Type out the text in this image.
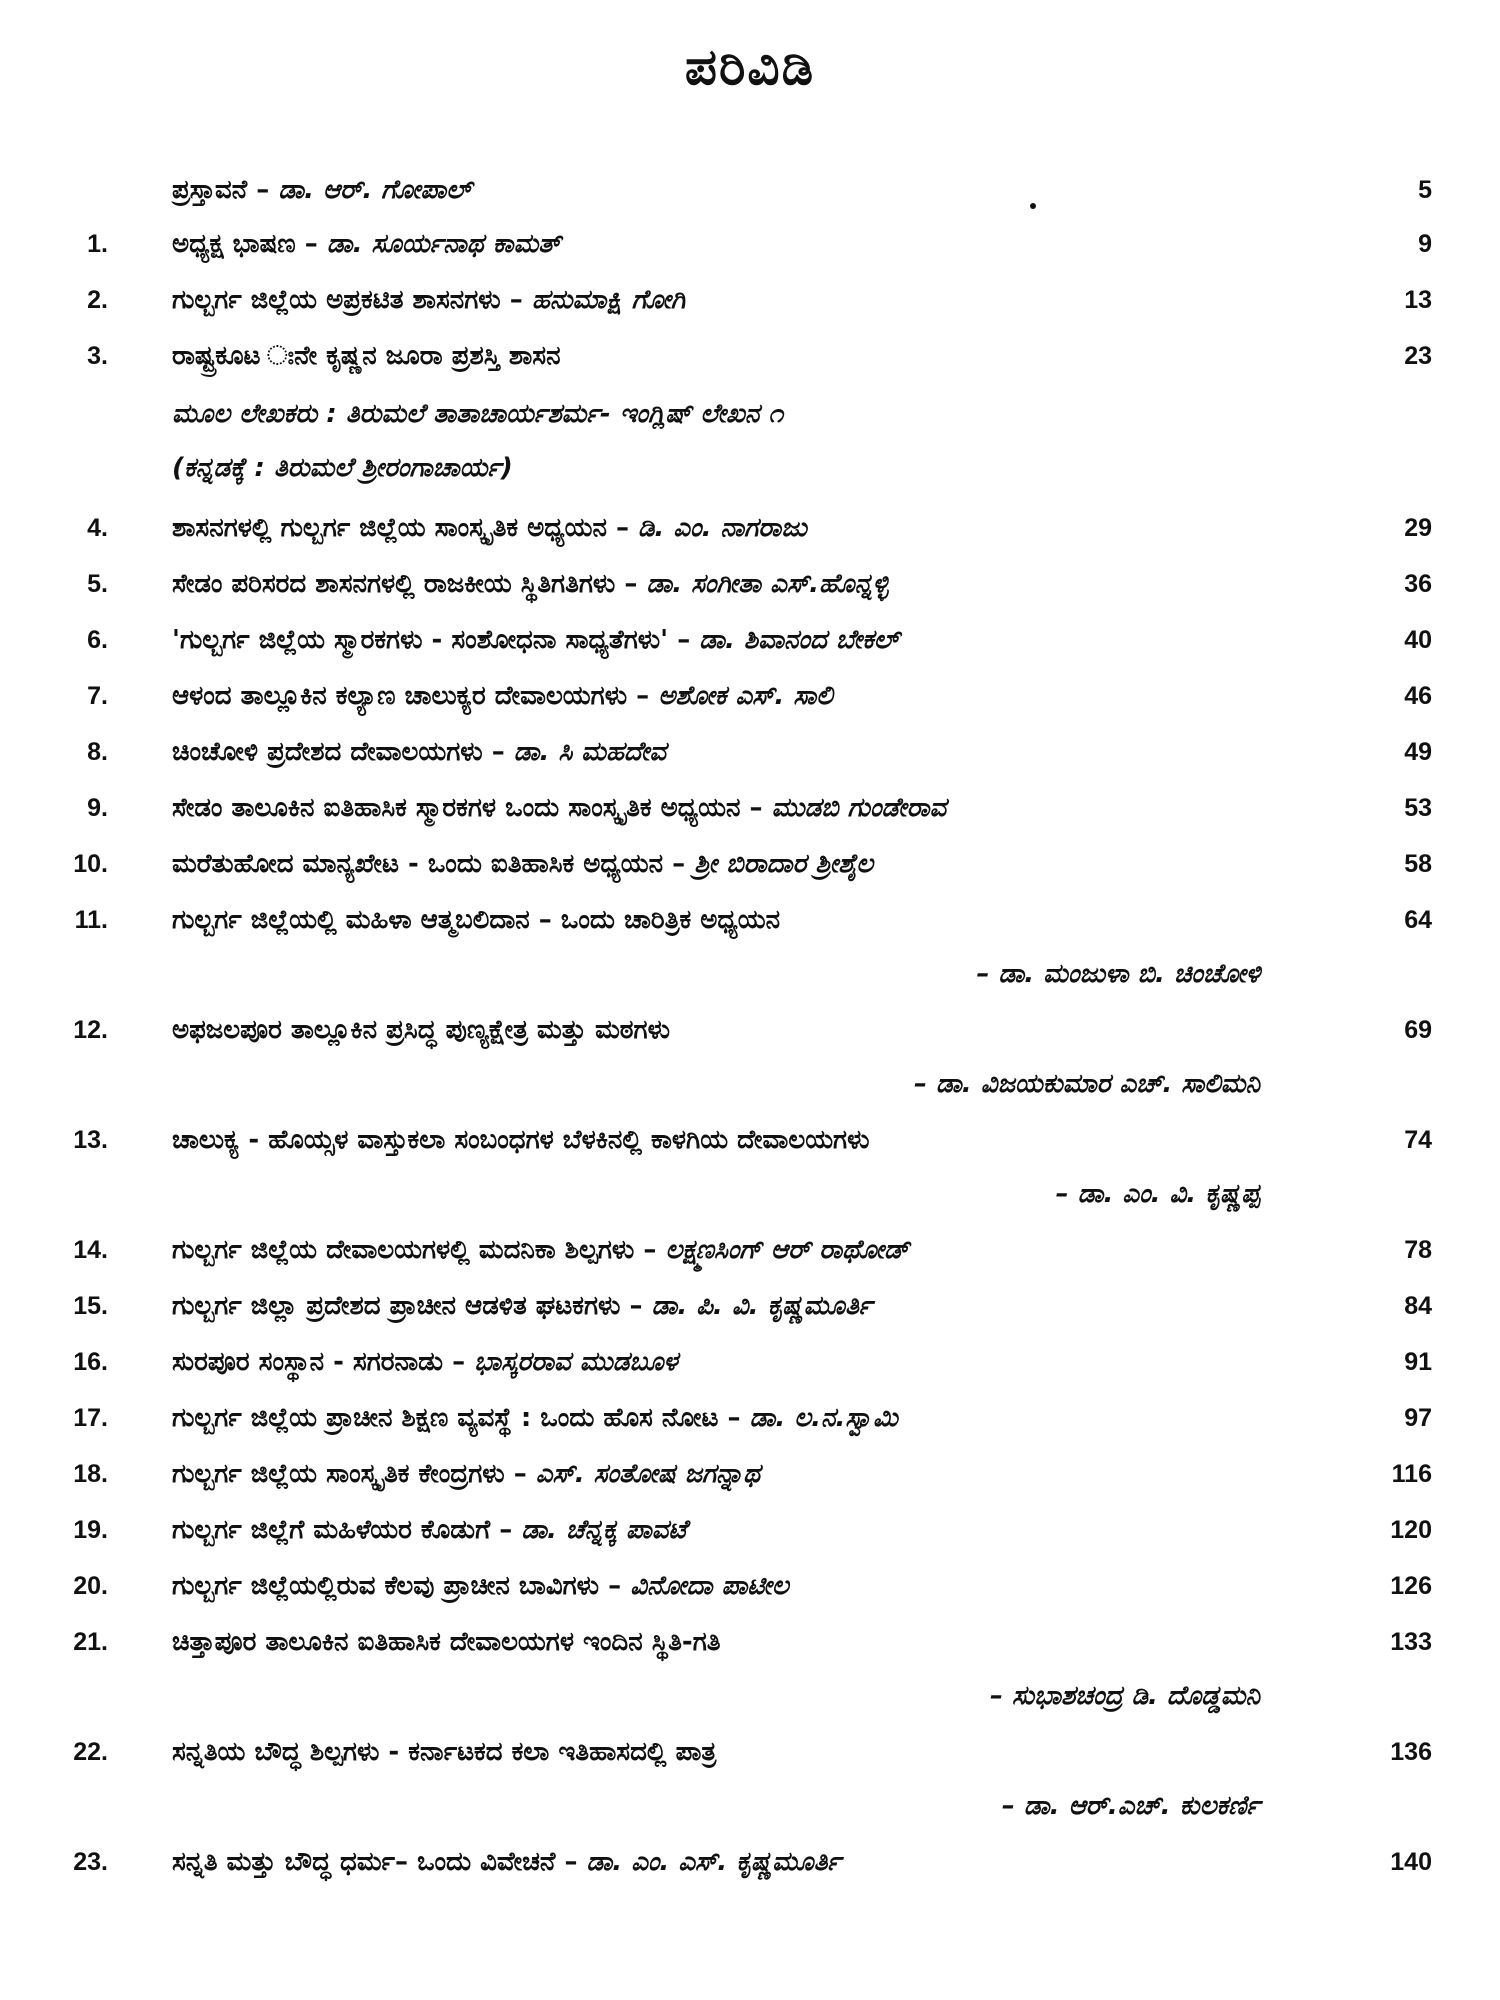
ಪರಿವಿಡಿ
ಪ್ರಸ್ತಾವನೆ – ಡಾ. ಆರ್. ಗೋಪಾಲ್	5
1. ಅಧ್ಯಕ್ಷ ಭಾಷಣ – ಡಾ. ಸೂರ್ಯನಾಥ ಕಾಮತ್	9
2. ಗುಲ್ಬರ್ಗ ಜಿಲ್ಲೆಯ ಅಪ್ರಕಟಿತ ಶಾಸನಗಳು – ಹನುಮಾಕ್ಷಿ ಗೋಗಿ	13
3. ರಾಷ್ಟ್ರಕೂಟ ಃನೇ ಕೃಷ್ಣನ ಜೂರಾ ಪ್ರಶಸ್ತಿ ಶಾಸನ	23
ಮೂಲ ಲೇಖಕರು : ತಿರುಮಲೆ ತಾತಾಚಾರ್ಯಶರ್ಮ- ಇಂಗ್ಲಿಷ್ ಲೇಖನ ೧
(ಕನ್ನಡಕ್ಕೆ : ತಿರುಮಲೆ ಶ್ರೀರಂಗಾಚಾರ್ಯ)
4. ಶಾಸನಗಳಲ್ಲಿ ಗುಲ್ಬರ್ಗ ಜಿಲ್ಲೆಯ ಸಾಂಸ್ಕೃತಿಕ ಅಧ್ಯಯನ – ಡಿ. ಎಂ. ನಾಗರಾಜು	29
5. ಸೇಡಂ ಪರಿಸರದ ಶಾಸನಗಳಲ್ಲಿ ರಾಜಕೀಯ ಸ್ಥಿತಿಗತಿಗಳು – ಡಾ. ಸಂಗೀತಾ ಎಸ್.ಹೊನ್ನಳ್ಳಿ	36
6. 'ಗುಲ್ಬರ್ಗ ಜಿಲ್ಲೆಯ ಸ್ಮಾರಕಗಳು - ಸಂಶೋಧನಾ ಸಾಧ್ಯತೆಗಳು' – ಡಾ. ಶಿವಾನಂದ ಬೇಕಲ್	40
7. ಆಳಂದ ತಾಲ್ಲೂಕಿನ ಕಲ್ಯಾಣ ಚಾಲುಕ್ಯರ ದೇವಾಲಯಗಳು – ಅಶೋಕ ಎಸ್. ಸಾಲಿ	46
8. ಚಿಂಚೋಳಿ ಪ್ರದೇಶದ ದೇವಾಲಯಗಳು – ಡಾ. ಸಿ ಮಹದೇವ	49
9. ಸೇಡಂ ತಾಲೂಕಿನ ಐತಿಹಾಸಿಕ ಸ್ಮಾರಕಗಳ ಒಂದು ಸಾಂಸ್ಕೃತಿಕ ಅಧ್ಯಯನ – ಮುಡಬಿ ಗುಂಡೇರಾವ	53
10. ಮರೆತುಹೋದ ಮಾನ್ಯಖೇಟ - ಒಂದು ಐತಿಹಾಸಿಕ ಅಧ್ಯಯನ – ಶ್ರೀ ಬಿರಾದಾರ ಶ್ರೀಶೈಲ	58
11. ಗುಲ್ಬರ್ಗ ಜಿಲ್ಲೆಯಲ್ಲಿ ಮಹಿಳಾ ಆತ್ಮಬಲಿದಾನ – ಒಂದು ಚಾರಿತ್ರಿಕ ಅಧ್ಯಯನ	64
– ಡಾ. ಮಂಜುಳಾ ಬಿ. ಚಿಂಚೋಳಿ
12. ಅಫಜಲಪೂರ ತಾಲ್ಲೂಕಿನ ಪ್ರಸಿದ್ಧ ಪುಣ್ಯಕ್ಷೇತ್ರ ಮತ್ತು ಮಠಗಳು	69
– ಡಾ. ವಿಜಯಕುಮಾರ ಎಚ್. ಸಾಲಿಮನಿ
13. ಚಾಲುಕ್ಯ - ಹೊಯ್ಸಳ ವಾಸ್ತುಕಲಾ ಸಂಬಂಧಗಳ ಬೆಳಕಿನಲ್ಲಿ ಕಾಳಗಿಯ ದೇವಾಲಯಗಳು	74
– ಡಾ. ಎಂ. ವಿ. ಕೃಷ್ಣಪ್ಪ
14. ಗುಲ್ಬರ್ಗ ಜಿಲ್ಲೆಯ ದೇವಾಲಯಗಳಲ್ಲಿ ಮದನಿಕಾ ಶಿಲ್ಪಗಳು – ಲಕ್ಷ್ಮಣಸಿಂಗ್ ಆರ್ ರಾಥೋಡ್	78
15. ಗುಲ್ಬರ್ಗ ಜಿಲ್ಲಾ ಪ್ರದೇಶದ ಪ್ರಾಚೀನ ಆಡಳಿತ ಘಟಕಗಳು – ಡಾ. ಪಿ. ವಿ. ಕೃಷ್ಣಮೂರ್ತಿ	84
16. ಸುರಪೂರ ಸಂಸ್ಥಾನ - ಸಗರನಾಡು – ಭಾಸ್ಕರರಾವ ಮುಡಬೂಳ	91
17. ಗುಲ್ಬರ್ಗ ಜಿಲ್ಲೆಯ ಪ್ರಾಚೀನ ಶಿಕ್ಷಣ ವ್ಯವಸ್ಥೆ : ಒಂದು ಹೊಸ ನೋಟ – ಡಾ. ಲ.ನ.ಸ್ವಾಮಿ	97
18. ಗುಲ್ಬರ್ಗ ಜಿಲ್ಲೆಯ ಸಾಂಸ್ಕೃತಿಕ ಕೇಂದ್ರಗಳು – ಎಸ್. ಸಂತೋಷ ಜಗನ್ನಾಥ	116
19. ಗುಲ್ಬರ್ಗ ಜಿಲ್ಲೆಗೆ ಮಹಿಳೆಯರ ಕೊಡುಗೆ – ಡಾ. ಚೆನ್ನಕ್ಕ ಪಾವಟೆ	120
20. ಗುಲ್ಬರ್ಗ ಜಿಲ್ಲೆಯಲ್ಲಿರುವ ಕೆಲವು ಪ್ರಾಚೀನ ಬಾವಿಗಳು – ವಿನೋದಾ ಪಾಟೀಲ	126
21. ಚಿತ್ತಾಪೂರ ತಾಲೂಕಿನ ಐತಿಹಾಸಿಕ ದೇವಾಲಯಗಳ ಇಂದಿನ ಸ್ಥಿತಿ-ಗತಿ	133
– ಸುಭಾಶಚಂದ್ರ ಡಿ. ದೊಡ್ಡಮನಿ
22. ಸನ್ನತಿಯ ಬೌದ್ಧ ಶಿಲ್ಪಗಳು - ಕರ್ನಾಟಕದ ಕಲಾ ಇತಿಹಾಸದಲ್ಲಿ ಪಾತ್ರ	136
– ಡಾ. ಆರ್.ಎಚ್. ಕುಲಕರ್ಣಿ
23. ಸನ್ನತಿ ಮತ್ತು ಬೌದ್ಧ ಧರ್ಮ– ಒಂದು ವಿವೇಚನೆ – ಡಾ. ಎಂ. ಎಸ್. ಕೃಷ್ಣಮೂರ್ತಿ	140
